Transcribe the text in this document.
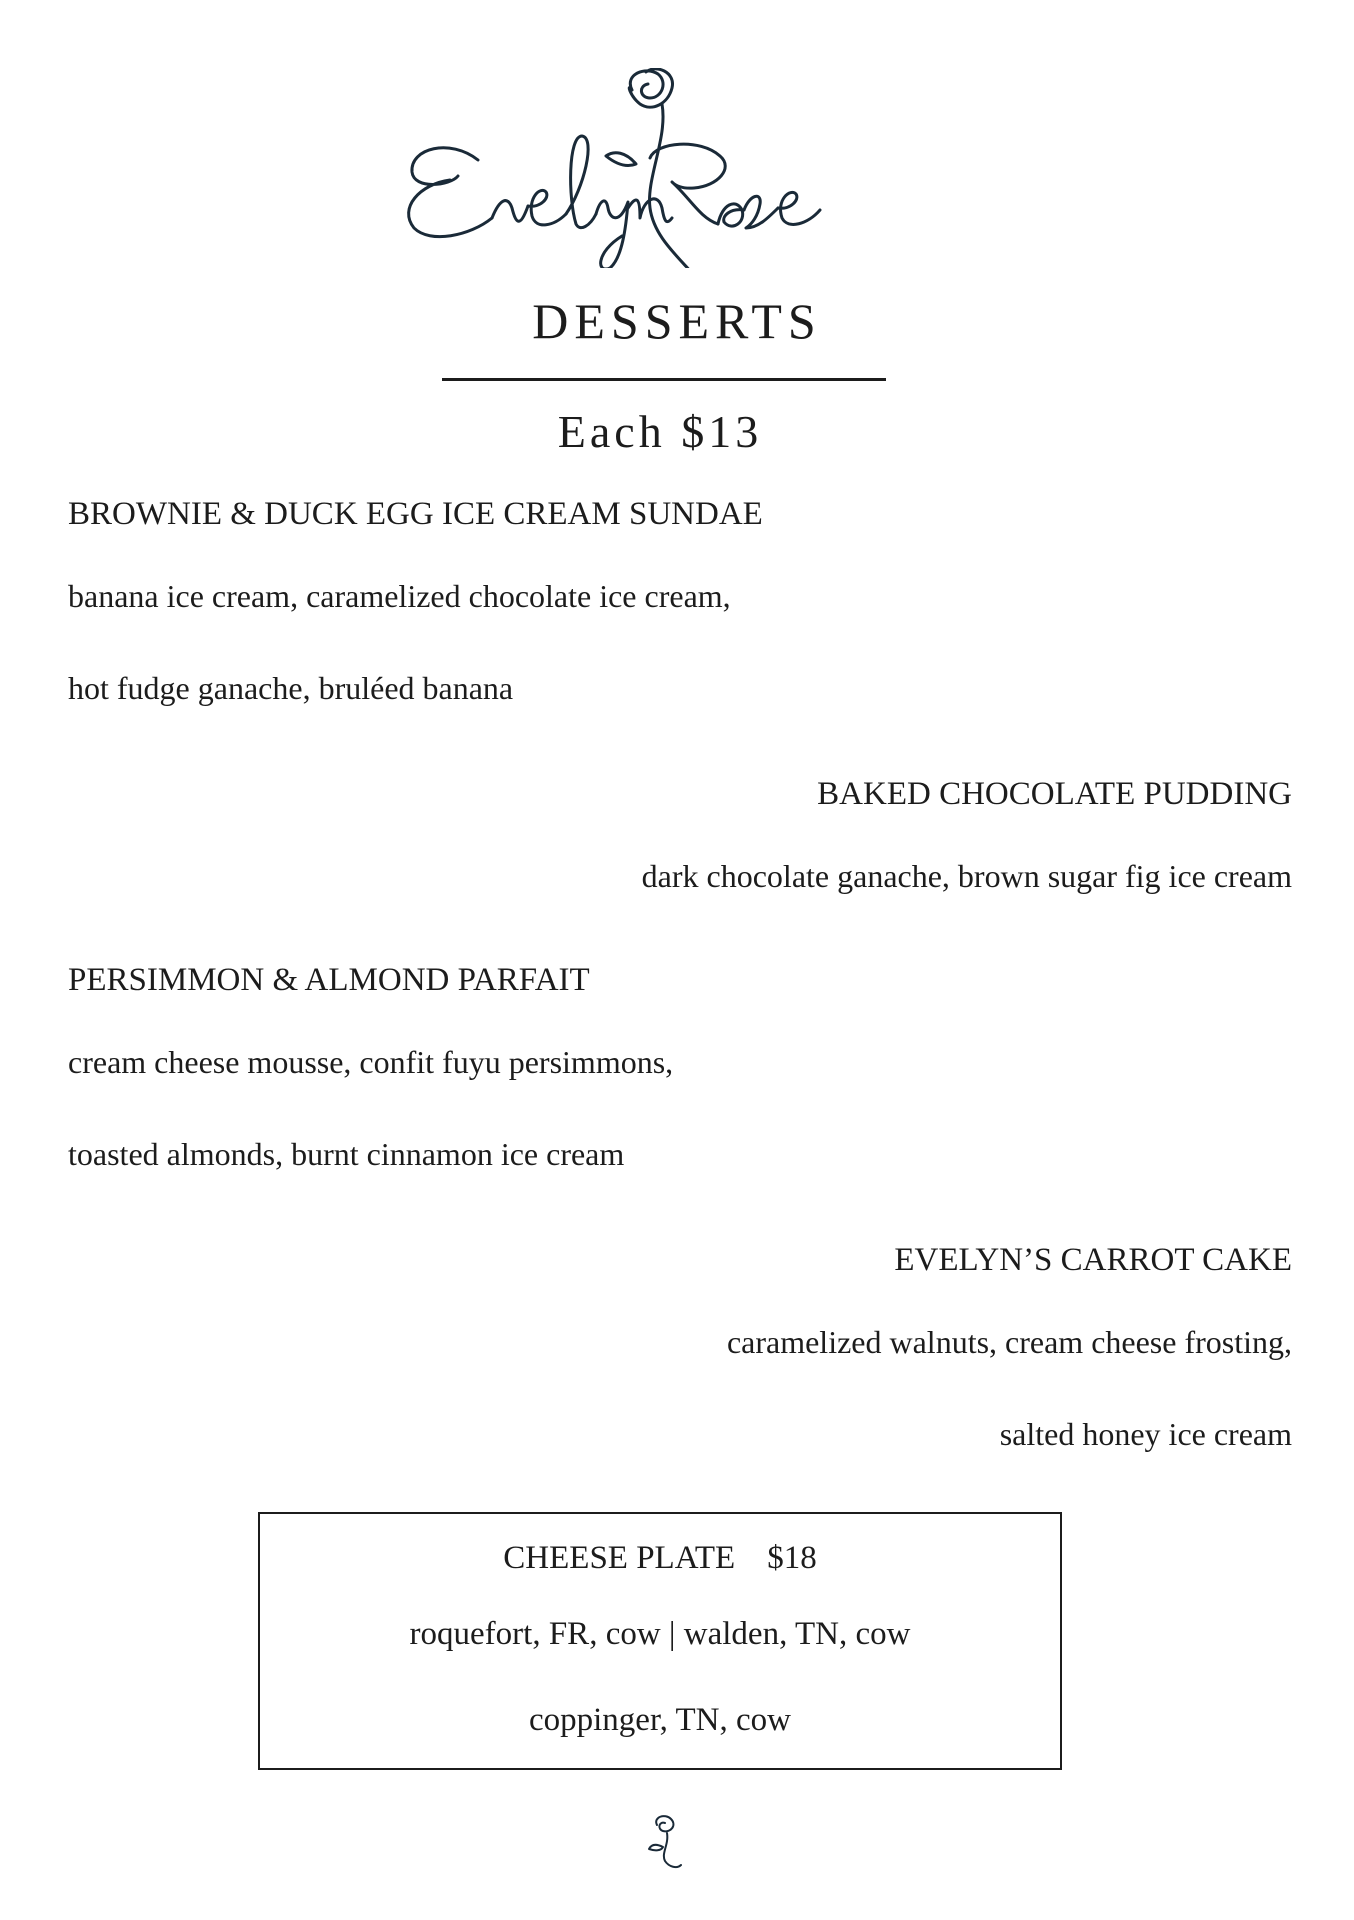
DESSERTS
Each $13

BROWNIE & DUCK EGG ICE CREAM SUNDAE

banana ice cream, caramelized chocolate ice cream,

hot fudge ganache, bruléed banana

BAKED CHOCOLATE PUDDING

dark chocolate ganache, brown sugar fig ice cream

PERSIMMON & ALMOND PARFAIT

cream cheese mousse, confit fuyu persimmons,

toasted almonds, burnt cinnamon ice cream

EVELYN’S CARROT CAKE

caramelized walnuts, cream cheese frosting,

salted honey ice cream

CHEESE PLATE $18
roquefort, FR, cow | walden, TN, cow
coppinger, TN, cow
